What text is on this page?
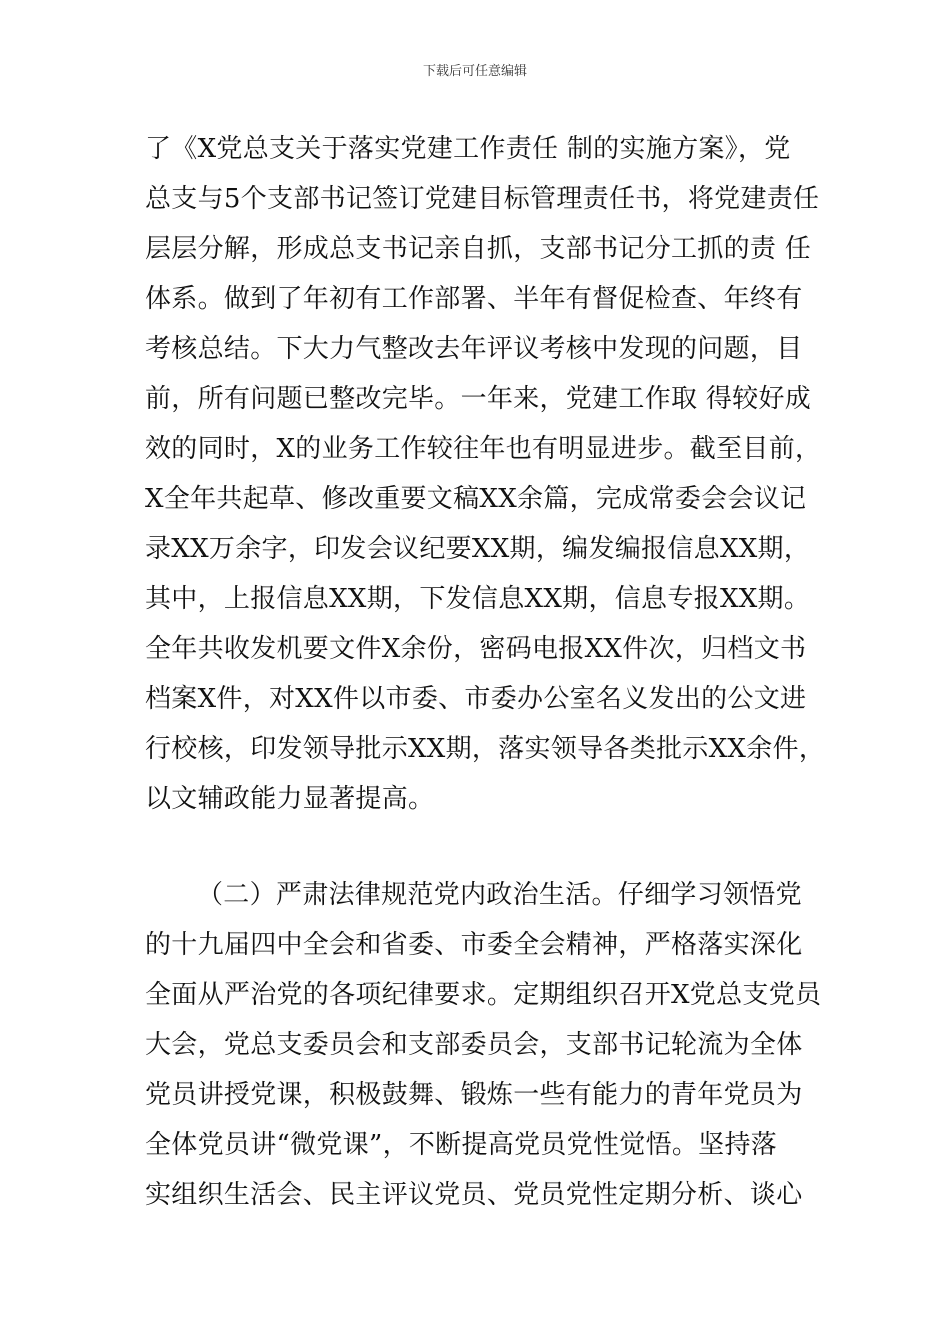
下载后可任意编辑
了《X党总支关于落实党建工作责任 制的实施方案》，党
总支与5个支部书记签订党建目标管理责任书，将党建责任
层层分解，形成总支书记亲自抓，支部书记分工抓的责 任
体系。做到了年初有工作部署、半年有督促检查、年终有
考核总结。下大力气整改去年评议考核中发现的问题，目
前，所有问题已整改完毕。一年来，党建工作取 得较好成
效的同时，X的业务工作较往年也有明显进步。截至目前，
X全年共起草、修改重要文稿XX余篇，完成常委会会议记
录XX万余字，印发会议纪要XX期，编发编报信息XX期，
其中，上报信息XX期，下发信息XX期，信息专报XX期。
全年共收发机要文件X余份，密码电报XX件次，归档文书
档案X件，对XX件以市委、市委办公室名义发出的公文进
行校核，印发领导批示XX期，落实领导各类批示XX余件，
以文辅政能力显著提高。
（二）严肃法律规范党内政治生活。仔细学习领悟党
的十九届四中全会和省委、市委全会精神，严格落实深化
全面从严治党的各项纪律要求。定期组织召开X党总支党员
大会，党总支委员会和支部委员会，支部书记轮流为全体
党员讲授党课，积极鼓舞、锻炼一些有能力的青年党员为
全体党员讲“微党课”，不断提高党员党性觉悟。坚持落
实组织生活会、民主评议党员、党员党性定期分析、谈心
